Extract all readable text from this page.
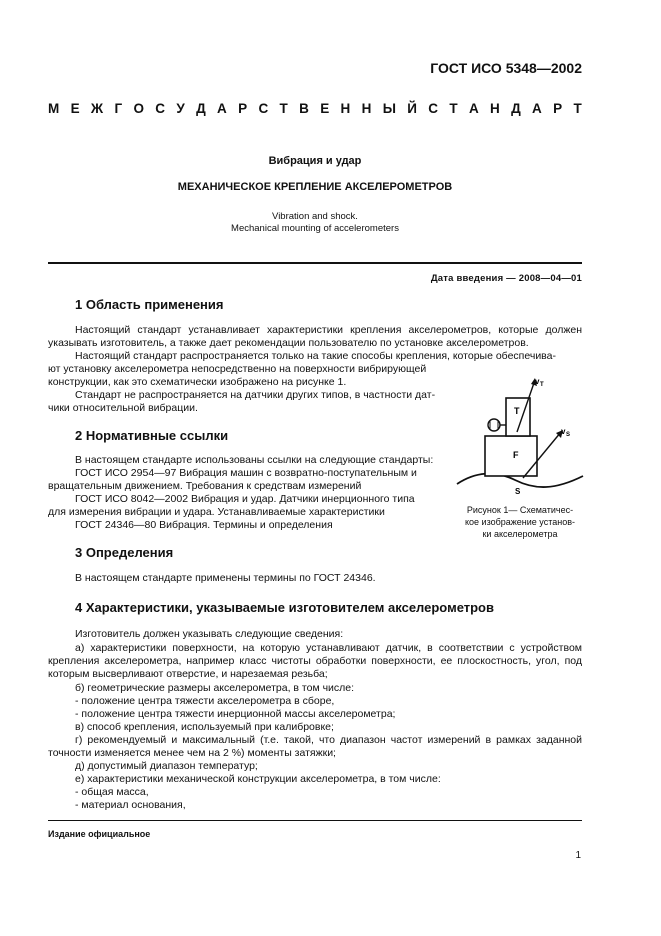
ГОСТ ИСО 5348—2002
М Е Ж Г О С У Д А Р С Т В Е Н Н Ы Й С Т А Н Д А Р Т
Вибрация и удар
МЕХАНИЧЕСКОЕ КРЕПЛЕНИЕ АКСЕЛЕРОМЕТРОВ
Vibration and shock.
Mechanical mounting of accelerometers
Дата введения — 2008—04—01
1 Область применения
Настоящий стандарт устанавливает характеристики крепления акселерометров, которые должен указывать изготовитель, а также дает рекомендации пользователю по установке акселерометров.
Настоящий стандарт распространяется только на такие способы крепления, которые обеспечива-
ют установку акселерометра непосредственно на поверхности вибрирующей
конструкции, как это схематически изображено на рисунке 1.
Стандарт не распространяется на датчики других типов, в частности дат-
чики относительной вибрации.
2 Нормативные ссылки
В настоящем стандарте использованы ссылки на следующие стандарты:
ГОСТ ИСО 2954—97 Вибрация машин с возвратно-поступательным и
вращательным движением. Требования к средствам измерений
ГОСТ ИСО 8042—2002 Вибрация и удар. Датчики инерционного типа
для измерения вибрации и удара. Устанавливаемые характеристики
ГОСТ 24346—80 Вибрация. Термины и определения
T
F
S
v T
v S
Рисунок 1— Схематичес-
кое изображение установ-
ки акселерометра
3 Определения
В настоящем стандарте применены термины по ГОСТ 24346.
4 Характеристики, указываемые изготовителем акселерометров
Изготовитель должен указывать следующие сведения:
а) характеристики поверхности, на которую устанавливают датчик, в соответствии с устройством крепления акселерометра, например класс чистоты обработки поверхности, ее плоскостность, угол, под которым высверливают отверстие, и нарезаемая резьба;
б) геометрические размеры акселерометра, в том числе:
- положение центра тяжести акселерометра в сборе,
- положение центра тяжести инерционной массы акселерометра;
в) способ крепления, используемый при калибровке;
г) рекомендуемый и максимальный (т.е. такой, что диапазон частот измерений в рамках заданной точности изменяется менее чем на 2 %) моменты затяжки;
д) допустимый диапазон температур;
е) характеристики механической конструкции акселерометра, в том числе:
- общая масса,
- материал основания,
Издание официальное
1
